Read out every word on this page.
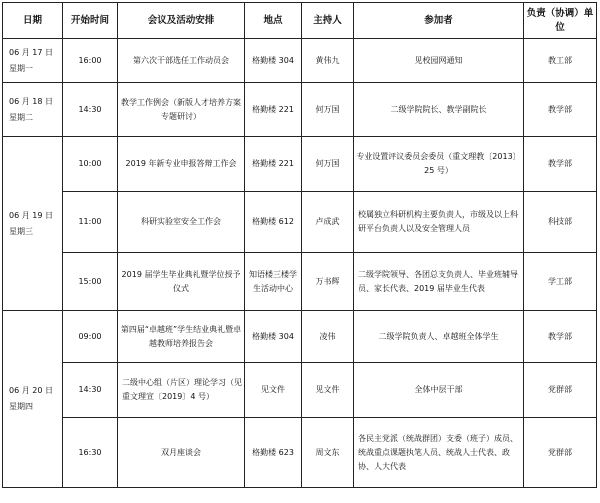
日期	开始时间	会议及活动安排	地点	主持人	参加者	负责（协调）单位

06 月 17 日
星期一	16:00	第六次干部选任工作动员会	格勤楼 304	黄伟九	见校园网通知	教工部

06 月 18 日
星期二	14:30	教学工作例会（新版人才培养方案专题研讨）	格勤楼 221	何万国	二级学院院长、教学副院长	教学部

06 月 19 日
星期三	10:00	2019 年新专业申报答辩工作会	格勤楼 221	何万国	专业设置评议委员会委员（重文理教〔2013〕25 号）	教学部
	11:00	科研实验室安全工作会	格勤楼 612	卢成武	校属独立科研机构主要负责人，市级及以上科研平台负责人以及安全管理人员	科技部
	15:00	2019 届学生毕业典礼暨学位授予仪式	知语楼三楼学生活动中心	万书辉	二级学院领导、各团总支负责人、毕业班辅导员、家长代表、2019 届毕业生代表	学工部

06 月 20 日
星期四	09:00	第四届“卓越班”学生结业典礼暨卓越教师培养报告会	格勤楼 304	凌伟	二级学院负责人、卓越班全体学生	教学部
	14:30	二级中心组（片区）理论学习（见重文理宣〔2019〕4 号）	见文件	见文件	全体中层干部	党群部
	16:30	双月座谈会	格勤楼 623	周文东	各民主党派（统战群团）支委（班子）成员、统战重点课题执笔人员、统战人士代表、政协、人大代表	党群部
